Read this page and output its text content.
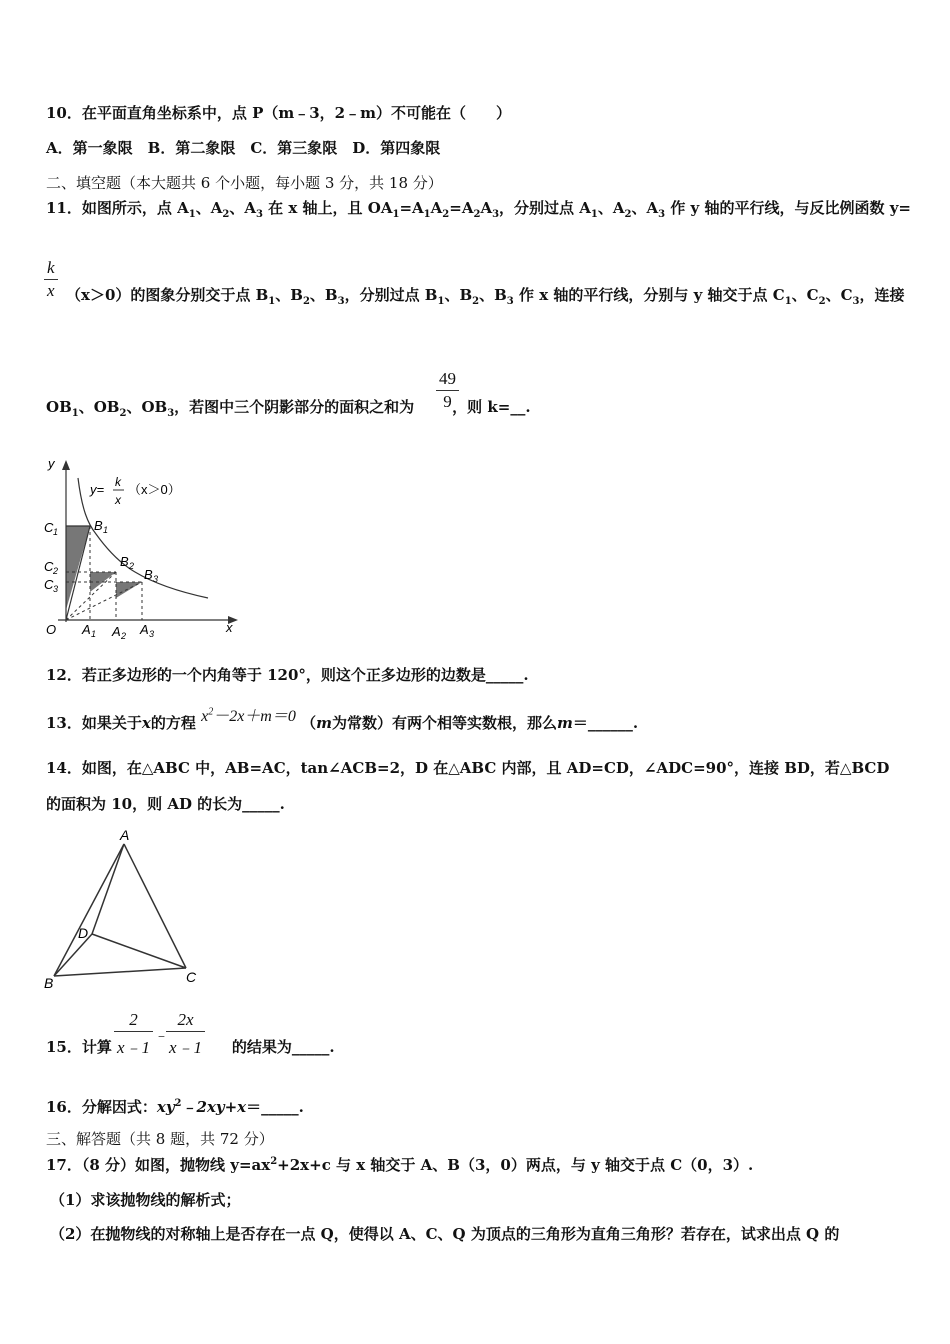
10．在平面直角坐标系中，点 P（m﹣3，2﹣m）不可能在（　　）
A．第一象限　B．第二象限　C．第三象限　D．第四象限
二、填空题（本大题共 6 个小题，每小题 3 分，共 18 分）
11．如图所示，点 $A_1$、$A_2$、$A_3$ 在 x 轴上，且 $OA_1=A_1A_2=A_2A_3$，分别过点 $A_1$、$A_2$、$A_3$ 作 y 轴的平行线，与反比例函数 y=
$\frac{k}{x} (x>0)$的图象分别交于点 $B_1$、$B_2$、$B_3$，分别过点 $B_1$、$B_2$、$B_3$ 作 x 轴的平行线，分别与 y 轴交于点 $C_1$、$C_2$、$C_3$，连接
$OB_1$、$OB_2$、$OB_3$，若图中三个阴影部分的面积之和为	，则 k=__.
$\frac{49}{9}$
y= k
x
（x＞0）
y
x
O
C 1
C 2
C 3
B 1
B 2
B 3
A 1 A 2 A 3
12．若正多边形的一个内角等于 120°，则这个正多边形的边数是_____.
13．如果关于x的方程 $x^2-2x+m=0$ （m为常数）有两个相等实数根，那么m＝______.
14．如图，在△ABC 中，AB=AC，tan∠ACB=2，D 在△ABC 内部，且 AD=CD，∠ADC=90°，连接 BD，若△BCD
的面积为 10，则 AD 的长为_____.
A
B	C
D
15．计算	的结果为_____.
$\frac{2}{x﹣1}$ ﹣
$\frac{2x}{x﹣1}$
16．分解因式：$xy^2﹣2xy+x=\_\_\_\_\_$.
三、解答题（共 8 题，共 72 分）
17．（8 分）如图，抛物线 $y=ax^2+2x+c$ 与 x 轴交于 A、B（3，0）两点，与 y 轴交于点 C（0，3）.
（1）求该抛物线的解析式；
（2）在抛物线的对称轴上是否存在一点 Q，使得以 A、C、Q 为顶点的三角形为直角三角形？若存在，试求出点 Q 的
